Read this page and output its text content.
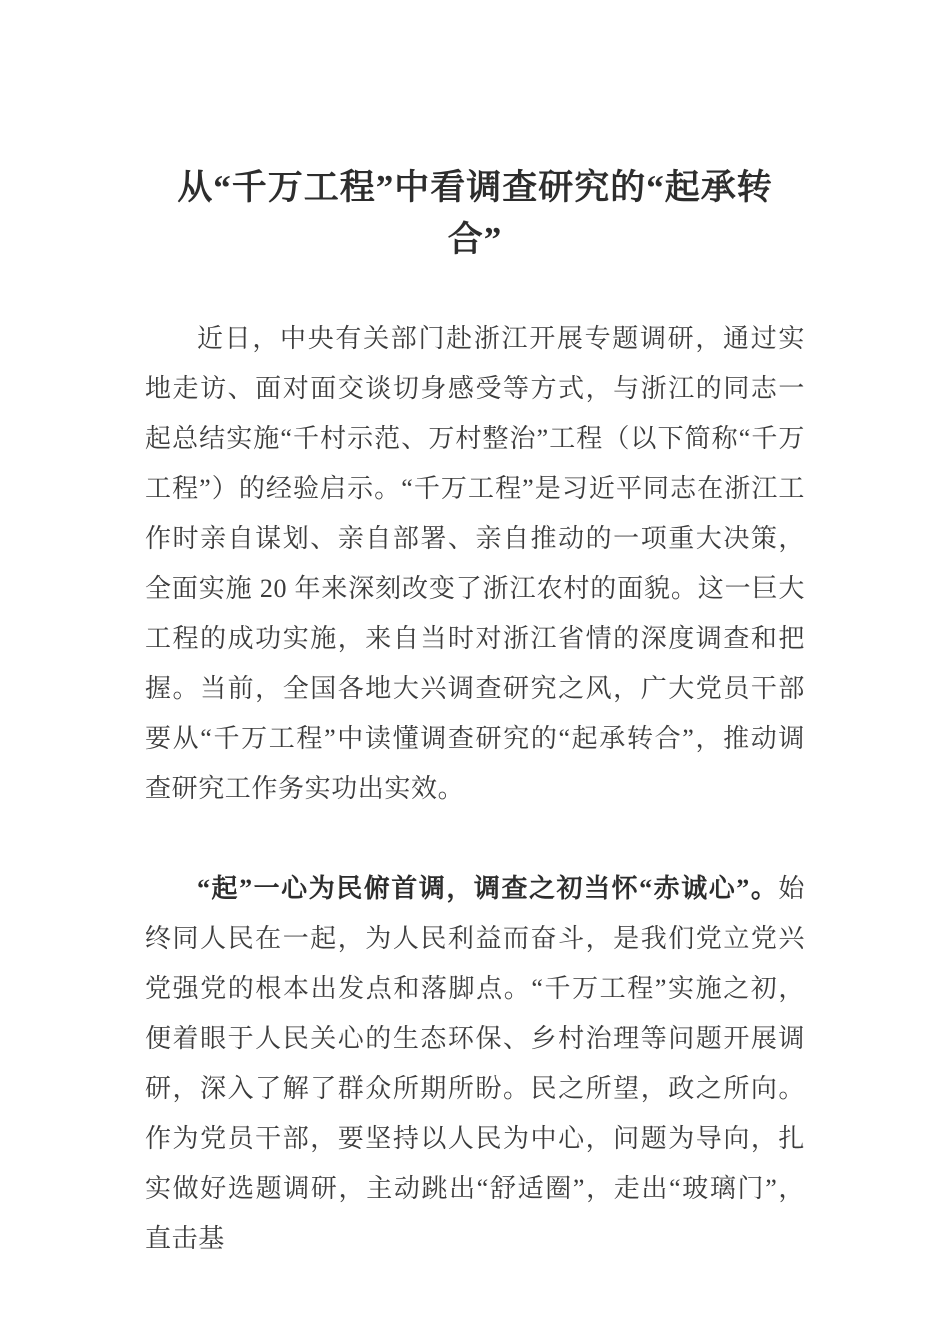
从“千万工程”中看调查研究的“起承转
合”

近日，中央有关部门赴浙江开展专题调研，通过实地走访、面对面交谈切身感受等方式，与浙江的同志一起总结实施“千村示范、万村整治”工程（以下简称“千万工程”）的经验启示。“千万工程”是习近平同志在浙江工作时亲自谋划、亲自部署、亲自推动的一项重大决策，全面实施 20 年来深刻改变了浙江农村的面貌。这一巨大工程的成功实施，来自当时对浙江省情的深度调查和把握。当前，全国各地大兴调查研究之风，广大党员干部要从“千万工程”中读懂调查研究的“起承转合”，推动调查研究工作务实功出实效。

“起”一心为民俯首调，调查之初当怀“赤诚心”。始终同人民在一起，为人民利益而奋斗，是我们党立党兴党强党的根本出发点和落脚点。“千万工程”实施之初，便着眼于人民关心的生态环保、乡村治理等问题开展调研，深入了解了群众所期所盼。民之所望，政之所向。作为党员干部，要坚持以人民为中心，问题为导向，扎实做好选题调研，主动跳出“舒适圈”，走出“玻璃门”，直击基
